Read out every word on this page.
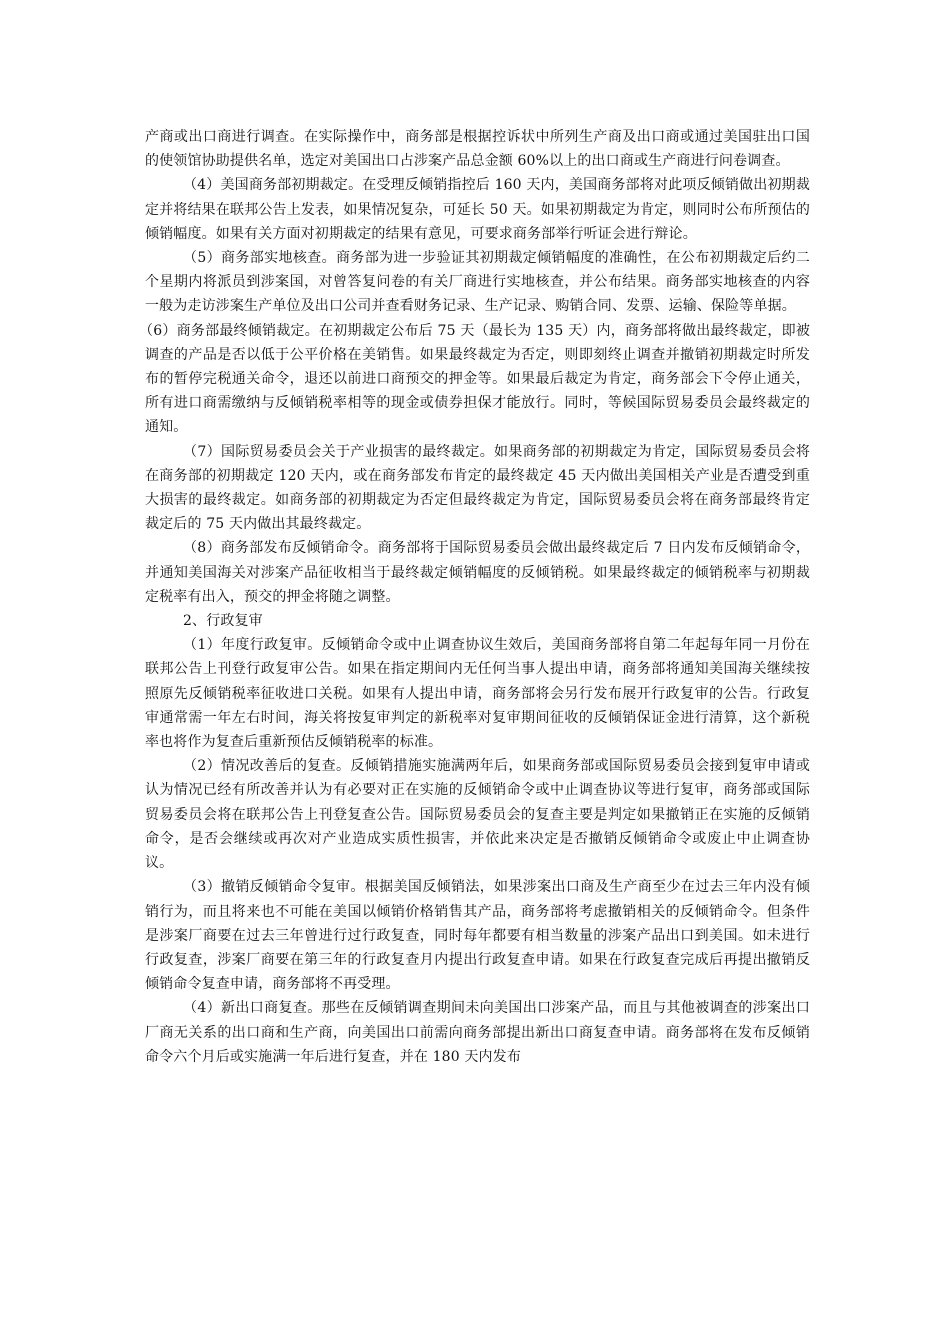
产商或出口商进行调查。在实际操作中，商务部是根据控诉状中所列生产商及出口商或通过美国驻出口国的使领馆协助提供名单，选定对美国出口占涉案产品总金额 60%以上的出口商或生产商进行问卷调查。

（4）美国商务部初期裁定。在受理反倾销指控后 160 天内，美国商务部将对此项反倾销做出初期裁定并将结果在联邦公告上发表，如果情况复杂，可延长 50 天。如果初期裁定为肯定，则同时公布所预估的倾销幅度。如果有关方面对初期裁定的结果有意见，可要求商务部举行听证会进行辩论。

（5）商务部实地核查。商务部为进一步验证其初期裁定倾销幅度的准确性，在公布初期裁定后约二个星期内将派员到涉案国，对曾答复问卷的有关厂商进行实地核查，并公布结果。商务部实地核查的内容一般为走访涉案生产单位及出口公司并查看财务记录、生产记录、购销合同、发票、运输、保险等单据。

（6）商务部最终倾销裁定。在初期裁定公布后 75 天（最长为 135 天）内，商务部将做出最终裁定，即被调查的产品是否以低于公平价格在美销售。如果最终裁定为否定，则即刻终止调查并撤销初期裁定时所发布的暂停完税通关命令，退还以前进口商预交的押金等。如果最后裁定为肯定，商务部会下令停止通关，所有进口商需缴纳与反倾销税率相等的现金或债券担保才能放行。同时，等候国际贸易委员会最终裁定的通知。

（7）国际贸易委员会关于产业损害的最终裁定。如果商务部的初期裁定为肯定，国际贸易委员会将在商务部的初期裁定 120 天内，或在商务部发布肯定的最终裁定 45 天内做出美国相关产业是否遭受到重大损害的最终裁定。如商务部的初期裁定为否定但最终裁定为肯定，国际贸易委员会将在商务部最终肯定裁定后的 75 天内做出其最终裁定。

（8）商务部发布反倾销命令。商务部将于国际贸易委员会做出最终裁定后 7 日内发布反倾销命令，并通知美国海关对涉案产品征收相当于最终裁定倾销幅度的反倾销税。如果最终裁定的倾销税率与初期裁定税率有出入，预交的押金将随之调整。

2、行政复审

（1）年度行政复审。反倾销命令或中止调查协议生效后，美国商务部将自第二年起每年同一月份在联邦公告上刊登行政复审公告。如果在指定期间内无任何当事人提出申请，商务部将通知美国海关继续按照原先反倾销税率征收进口关税。如果有人提出申请，商务部将会另行发布展开行政复审的公告。行政复审通常需一年左右时间，海关将按复审判定的新税率对复审期间征收的反倾销保证金进行清算，这个新税率也将作为复查后重新预估反倾销税率的标准。

（2）情况改善后的复查。反倾销措施实施满两年后，如果商务部或国际贸易委员会接到复审申请或认为情况已经有所改善并认为有必要对正在实施的反倾销命令或中止调查协议等进行复审，商务部或国际贸易委员会将在联邦公告上刊登复查公告。国际贸易委员会的复查主要是判定如果撤销正在实施的反倾销命令，是否会继续或再次对产业造成实质性损害，并依此来决定是否撤销反倾销命令或废止中止调查协议。

（3）撤销反倾销命令复审。根据美国反倾销法，如果涉案出口商及生产商至少在过去三年内没有倾销行为，而且将来也不可能在美国以倾销价格销售其产品，商务部将考虑撤销相关的反倾销命令。但条件是涉案厂商要在过去三年曾进行过行政复查，同时每年都要有相当数量的涉案产品出口到美国。如未进行行政复查，涉案厂商要在第三年的行政复查月内提出行政复查申请。如果在行政复查完成后再提出撤销反倾销命令复查申请，商务部将不再受理。

（4）新出口商复查。那些在反倾销调查期间未向美国出口涉案产品，而且与其他被调查的涉案出口厂商无关系的出口商和生产商，向美国出口前需向商务部提出新出口商复查申请。商务部将在发布反倾销命令六个月后或实施满一年后进行复查，并在 180 天内发布
